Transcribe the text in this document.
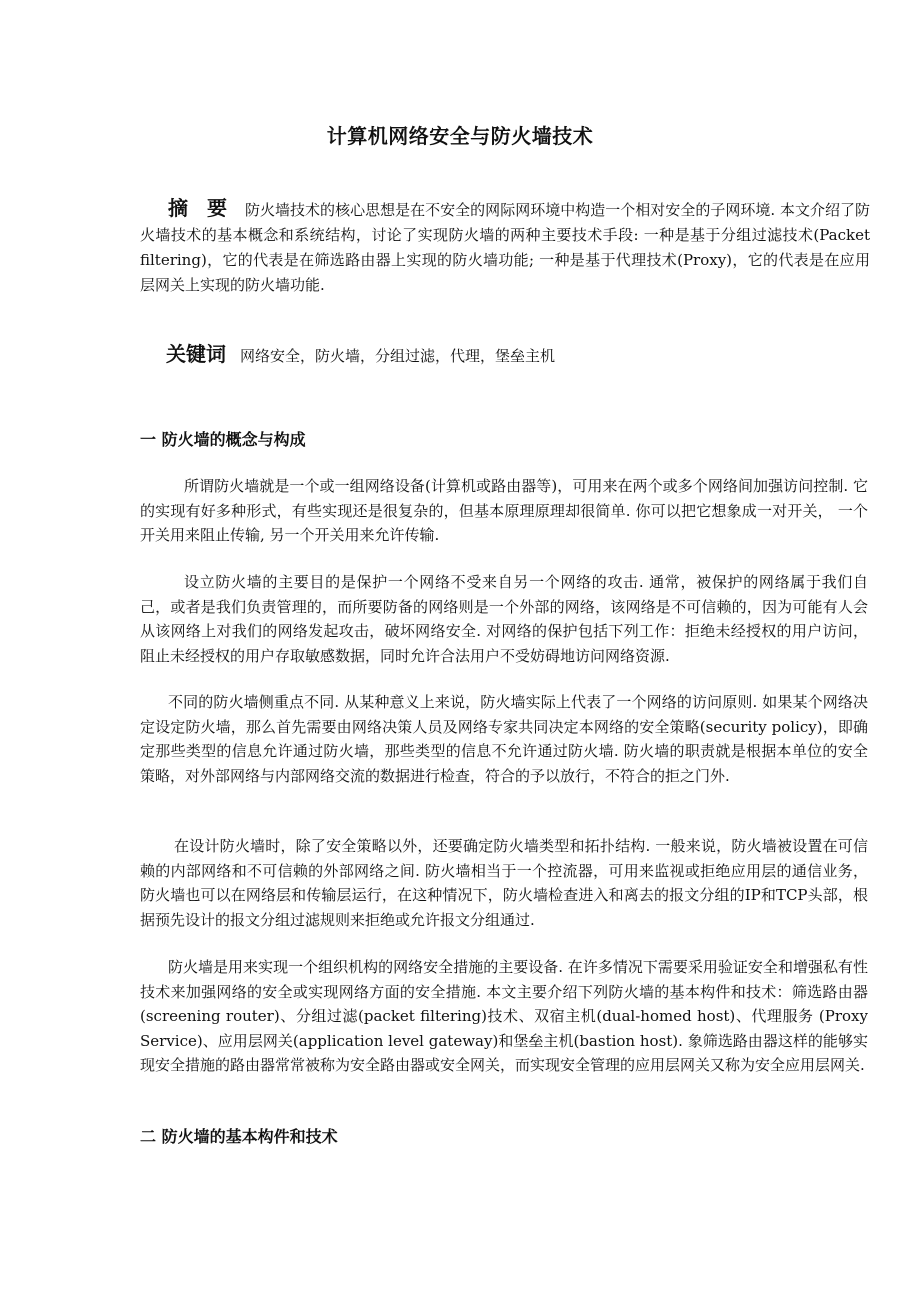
计算机网络安全与防火墙技术
摘 要 防火墙技术的核心思想是在不安全的网际网环境中构造一个相对安全的子网环境. 本文介绍了防火墙技术的基本概念和系统结构，讨论了实现防火墙的两种主要技术手段: 一种是基于分组过滤技术(Packet filtering)，它的代表是在筛选路由器上实现的防火墙功能; 一种是基于代理技术(Proxy)，它的代表是在应用层网关上实现的防火墙功能.
关键词 网络安全，防火墙，分组过滤，代理，堡垒主机
一 防火墙的概念与构成

所谓防火墙就是一个或一组网络设备(计算机或路由器等)，可用来在两个或多个网络间加强访问控制. 它的实现有好多种形式，有些实现还是很复杂的，但基本原理原理却很简单. 你可以把它想象成一对开关， 一个开关用来阻止传输, 另一个开关用来允许传输.

设立防火墙的主要目的是保护一个网络不受来自另一个网络的攻击. 通常，被保护的网络属于我们自己，或者是我们负责管理的，而所要防备的网络则是一个外部的网络，该网络是不可信赖的，因为可能有人会从该网络上对我们的网络发起攻击，破坏网络安全. 对网络的保护包括下列工作：拒绝未经授权的用户访问，阻止未经授权的用户存取敏感数据，同时允许合法用户不受妨碍地访问网络资源.

不同的防火墙侧重点不同. 从某种意义上来说，防火墙实际上代表了一个网络的访问原则. 如果某个网络决定设定防火墙，那么首先需要由网络决策人员及网络专家共同决定本网络的安全策略(security policy)，即确定那些类型的信息允许通过防火墙，那些类型的信息不允许通过防火墙. 防火墙的职责就是根据本单位的安全策略，对外部网络与内部网络交流的数据进行检查，符合的予以放行，不符合的拒之门外.

在设计防火墙时，除了安全策略以外，还要确定防火墙类型和拓扑结构. 一般来说，防火墙被设置在可信赖的内部网络和不可信赖的外部网络之间. 防火墙相当于一个控流器，可用来监视或拒绝应用层的通信业务， 防火墙也可以在网络层和传输层运行，在这种情况下，防火墙检查进入和离去的报文分组的IP和TCP头部，根据预先设计的报文分组过滤规则来拒绝或允许报文分组通过.

防火墙是用来实现一个组织机构的网络安全措施的主要设备. 在许多情况下需要采用验证安全和增强私有性技术来加强网络的安全或实现网络方面的安全措施. 本文主要介绍下列防火墙的基本构件和技术：筛选路由器(screening router)、分组过滤(packet filtering)技术、双宿主机(dual-homed host)、代理服务 (Proxy Service)、应用层网关(application level gateway)和堡垒主机(bastion host). 象筛选路由器这样的能够实现安全措施的路由器常常被称为安全路由器或安全网关，而实现安全管理的应用层网关又称为安全应用层网关.

二 防火墙的基本构件和技术
